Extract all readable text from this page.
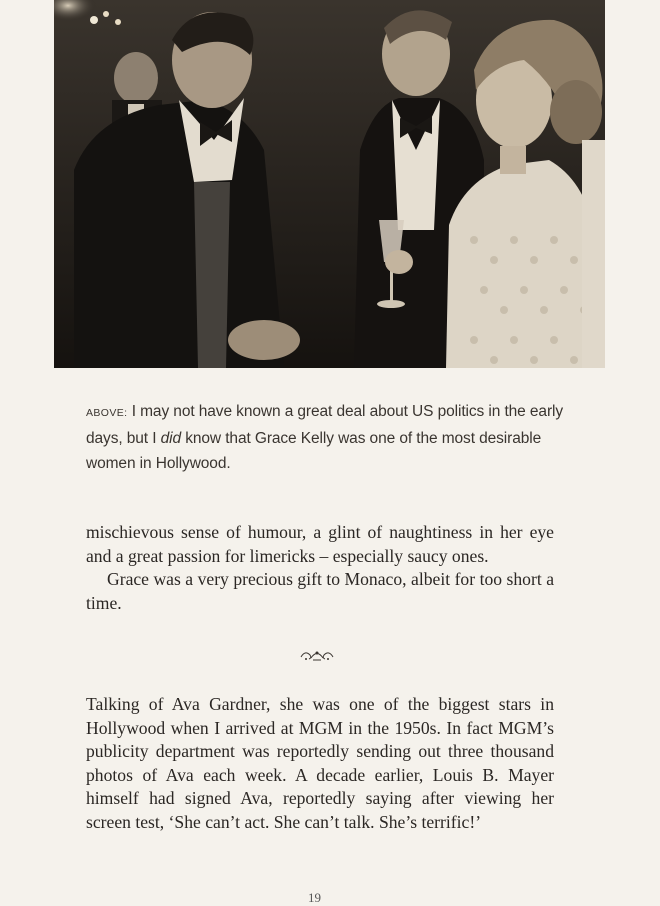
ABOVE: I may not have known a great deal about US politics in the early days, but I did know that Grace Kelly was one of the most desirable women in Hollywood.

mischievous sense of humour, a glint of naughtiness in her eye and a great passion for limericks – especially saucy ones.

Grace was a very precious gift to Monaco, albeit for too short a time.

Talking of Ava Gardner, she was one of the biggest stars in Hollywood when I arrived at MGM in the 1950s. In fact MGM’s publicity department was reportedly sending out three thousand photos of Ava each week. A decade earlier, Louis B. Mayer himself had signed Ava, reportedly saying after viewing her screen test, ‘She can’t act. She can’t talk. She’s terrific!’

19
